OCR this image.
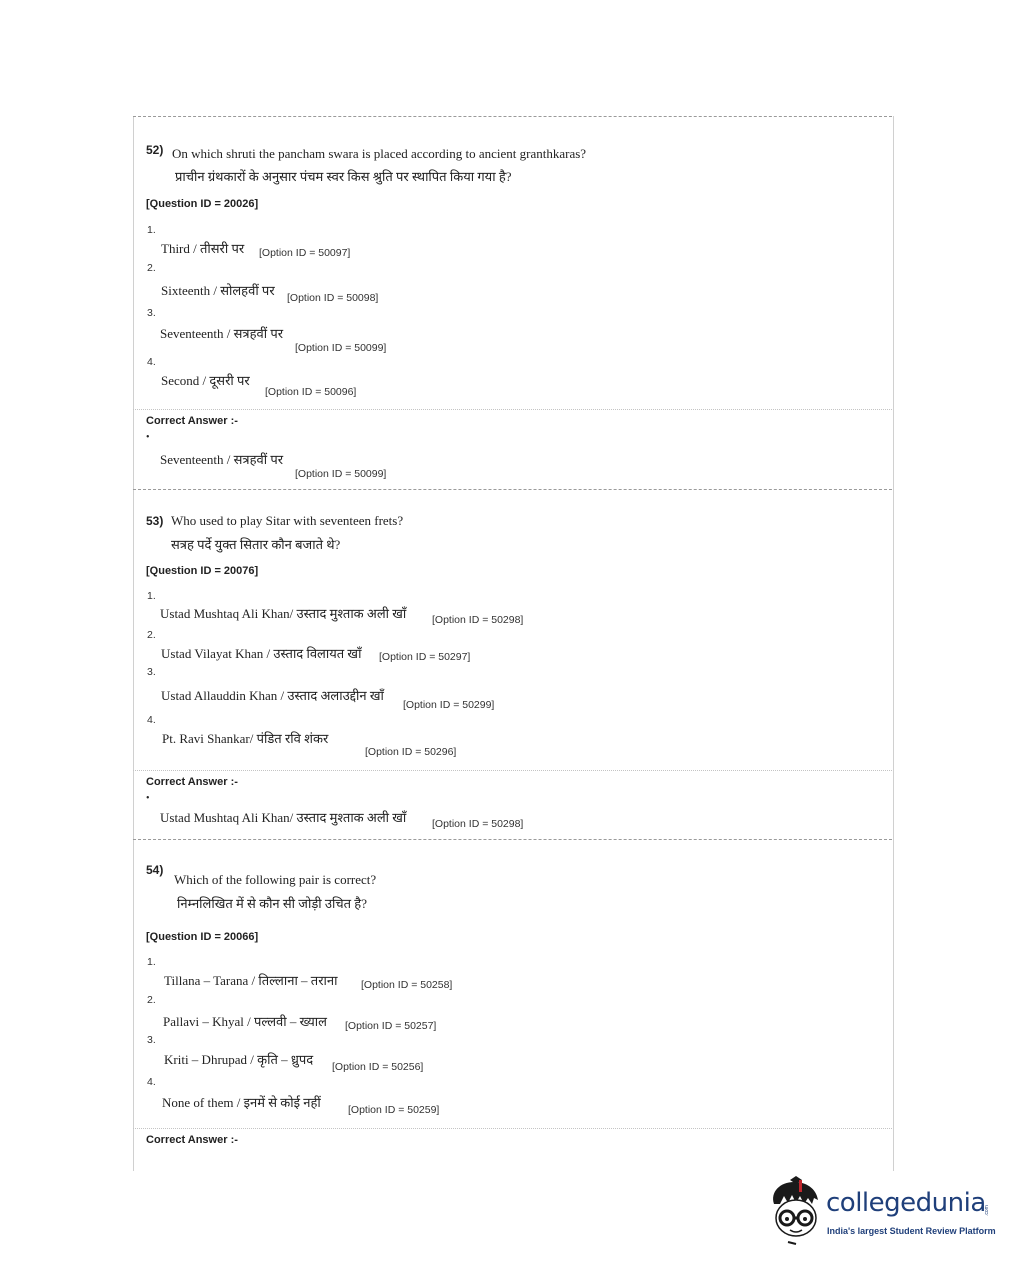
52) On which shruti the pancham swara is placed according to ancient granthkaras?
प्राचीन ग्रंथकारों के अनुसार पंचम स्वर किस श्रुति पर स्थापित किया गया है?
[Question ID = 20026]
1.
Third / तीसरी पर [Option ID = 50097]
2.
Sixteenth / सोलहवीं पर [Option ID = 50098]
3.
Seventeenth / सत्रहवीं पर
[Option ID = 50099]
4.
Second / दूसरी पर
[Option ID = 50096]
Correct Answer :-
•
Seventeenth / सत्रहवीं पर
[Option ID = 50099]
53) Who used to play Sitar with seventeen frets?
सत्रह पर्दे युक्त सितार कौन बजाते थे?
[Question ID = 20076]
1.
Ustad Mushtaq Ali Khan/ उस्ताद मुश्ताक अली खाँ [Option ID = 50298]
2.
Ustad Vilayat Khan / उस्ताद विलायत खाँ [Option ID = 50297]
3.
Ustad Allauddin Khan / उस्ताद अलाउद्दीन खाँ
[Option ID = 50299]
4.
Pt. Ravi Shankar/ पंडित रवि शंकर
[Option ID = 50296]
Correct Answer :-
•
Ustad Mushtaq Ali Khan/ उस्ताद मुश्ताक अली खाँ [Option ID = 50298]
54)
Which of the following pair is correct?
निम्नलिखित में से कौन सी जोड़ी उचित है?
[Question ID = 20066]
1.
Tillana – Tarana / तिल्लाना – तराना [Option ID = 50258]
2.
Pallavi – Khyal / पल्लवी – ख्याल [Option ID = 50257]
3.
Kriti – Dhrupad / कृति – ध्रुपद [Option ID = 50256]
4.
None of them / इनमें से कोई नहीं	[Option ID = 50259]
Correct Answer :-
collegedunia
.com
India's largest Student Review Platform
